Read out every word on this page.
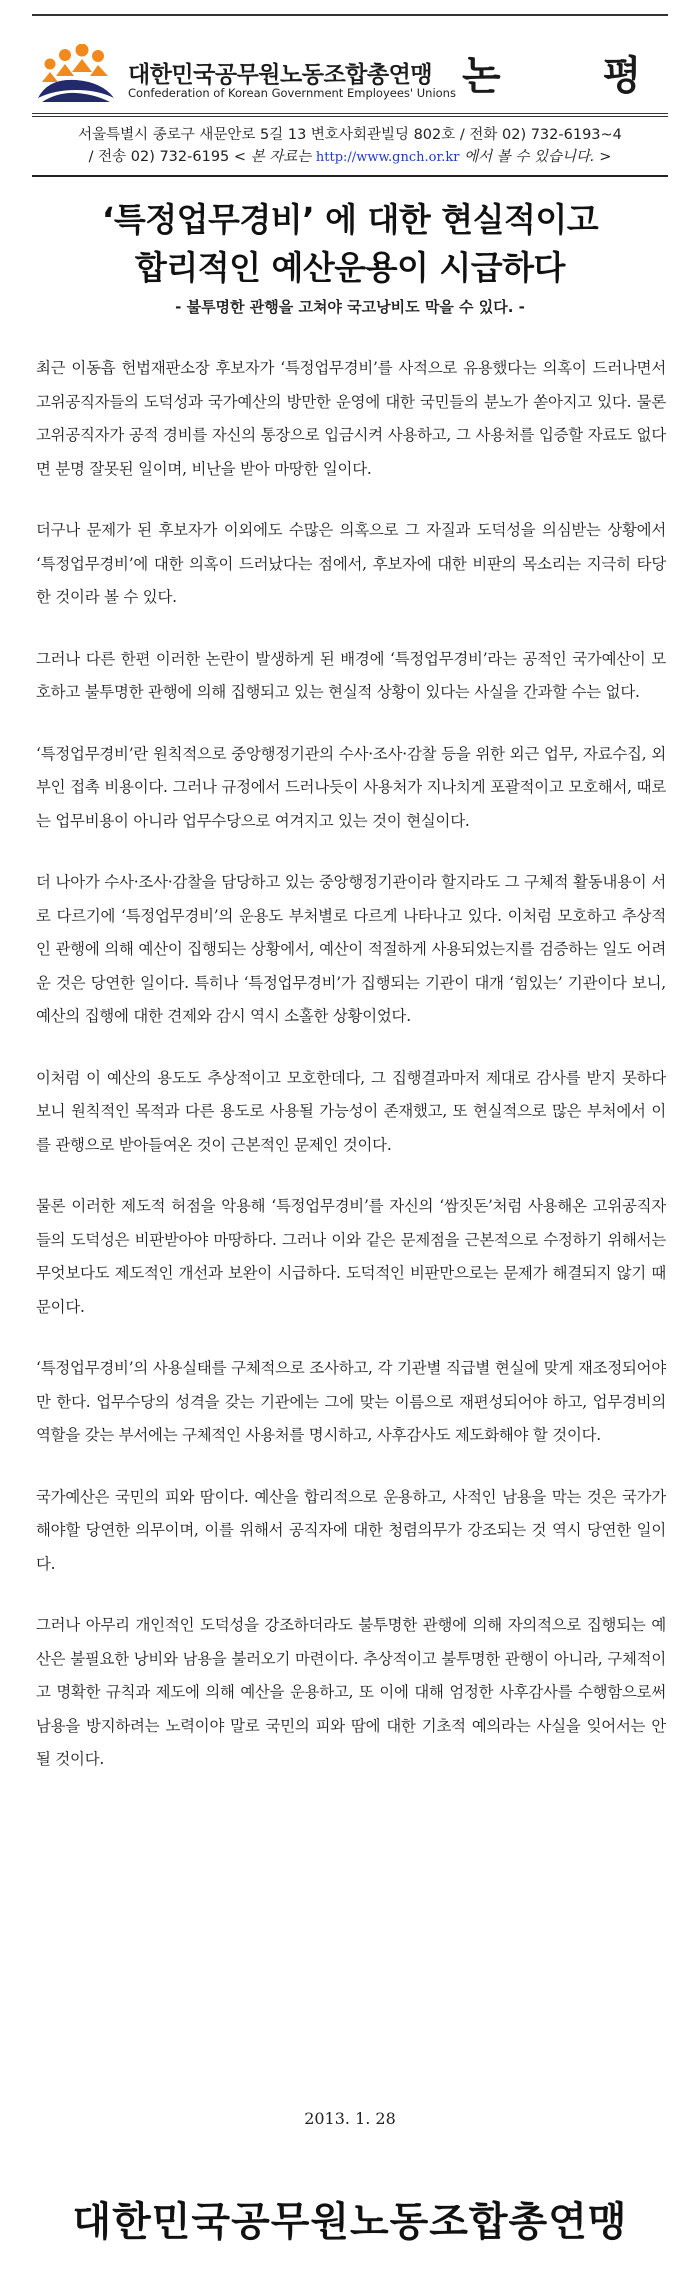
대한민국공무원노동조합총연맹
Confederation of Korean Government Employees' Unions 논 평
서울특별시 종로구 새문안로 5길 13 변호사회관빌딩 802호 / 전화 02) 732-6193~4
/ 전송 02) 732-6195 < 본 자료는 http://www.gnch.or.kr 에서 볼 수 있습니다. >
‘특정업무경비’ 에 대한 현실적이고
합리적인 예산운용이 시급하다
- 불투명한 관행을 고쳐야 국고낭비도 막을 수 있다. -

최근 이동흡 헌법재판소장 후보자가 ‘특정업무경비’를 사적으로 유용했다는 의혹이 드러나면서 고위공직자들의 도덕성과 국가예산의 방만한 운영에 대한 국민들의 분노가 쏟아지고 있다. 물론 고위공직자가 공적 경비를 자신의 통장으로 입금시켜 사용하고, 그 사용처를 입증할 자료도 없다면 분명 잘못된 일이며, 비난을 받아 마땅한 일이다.

더구나 문제가 된 후보자가 이외에도 수많은 의혹으로 그 자질과 도덕성을 의심받는 상황에서 ‘특정업무경비’에 대한 의혹이 드러났다는 점에서, 후보자에 대한 비판의 목소리는 지극히 타당한 것이라 볼 수 있다.

그러나 다른 한편 이러한 논란이 발생하게 된 배경에 ‘특정업무경비’라는 공적인 국가예산이 모호하고 불투명한 관행에 의해 집행되고 있는 현실적 상황이 있다는 사실을 간과할 수는 없다.

‘특정업무경비’란 원칙적으로 중앙행정기관의 수사·조사·감찰 등을 위한 외근 업무, 자료수집, 외부인 접촉 비용이다. 그러나 규정에서 드러나듯이 사용처가 지나치게 포괄적이고 모호해서, 때로는 업무비용이 아니라 업무수당으로 여겨지고 있는 것이 현실이다.

더 나아가 수사·조사·감찰을 담당하고 있는 중앙행정기관이라 할지라도 그 구체적 활동내용이 서로 다르기에 ‘특정업무경비’의 운용도 부처별로 다르게 나타나고 있다. 이처럼 모호하고 추상적인 관행에 의해 예산이 집행되는 상황에서, 예산이 적절하게 사용되었는지를 검증하는 일도 어려운 것은 당연한 일이다. 특히나 ‘특정업무경비’가 집행되는 기관이 대개 ‘힘있는’ 기관이다 보니, 예산의 집행에 대한 견제와 감시 역시 소홀한 상황이었다.

이처럼 이 예산의 용도도 추상적이고 모호한데다, 그 집행결과마저 제대로 감사를 받지 못하다 보니 원칙적인 목적과 다른 용도로 사용될 가능성이 존재했고, 또 현실적으로 많은 부처에서 이를 관행으로 받아들여온 것이 근본적인 문제인 것이다.

물론 이러한 제도적 허점을 악용해 ‘특정업무경비’를 자신의 ‘쌈짓돈’처럼 사용해온 고위공직자들의 도덕성은 비판받아야 마땅하다. 그러나 이와 같은 문제점을 근본적으로 수정하기 위해서는 무엇보다도 제도적인 개선과 보완이 시급하다. 도덕적인 비판만으로는 문제가 해결되지 않기 때문이다.

‘특정업무경비’의 사용실태를 구체적으로 조사하고, 각 기관별 직급별 현실에 맞게 재조정되어야만 한다. 업무수당의 성격을 갖는 기관에는 그에 맞는 이름으로 재편성되어야 하고, 업무경비의 역할을 갖는 부서에는 구체적인 사용처를 명시하고, 사후감사도 제도화해야 할 것이다.

국가예산은 국민의 피와 땀이다. 예산을 합리적으로 운용하고, 사적인 남용을 막는 것은 국가가 해야할 당연한 의무이며, 이를 위해서 공직자에 대한 청렴의무가 강조되는 것 역시 당연한 일이다.

그러나 아무리 개인적인 도덕성을 강조하더라도 불투명한 관행에 의해 자의적으로 집행되는 예산은 불필요한 낭비와 남용을 불러오기 마련이다. 추상적이고 불투명한 관행이 아니라, 구체적이고 명확한 규칙과 제도에 의해 예산을 운용하고, 또 이에 대해 엄정한 사후감사를 수행함으로써 남용을 방지하려는 노력이야 말로 국민의 피와 땀에 대한 기초적 예의라는 사실을 잊어서는 안 될 것이다.

2013. 1. 28
대한민국공무원노동조합총연맹
